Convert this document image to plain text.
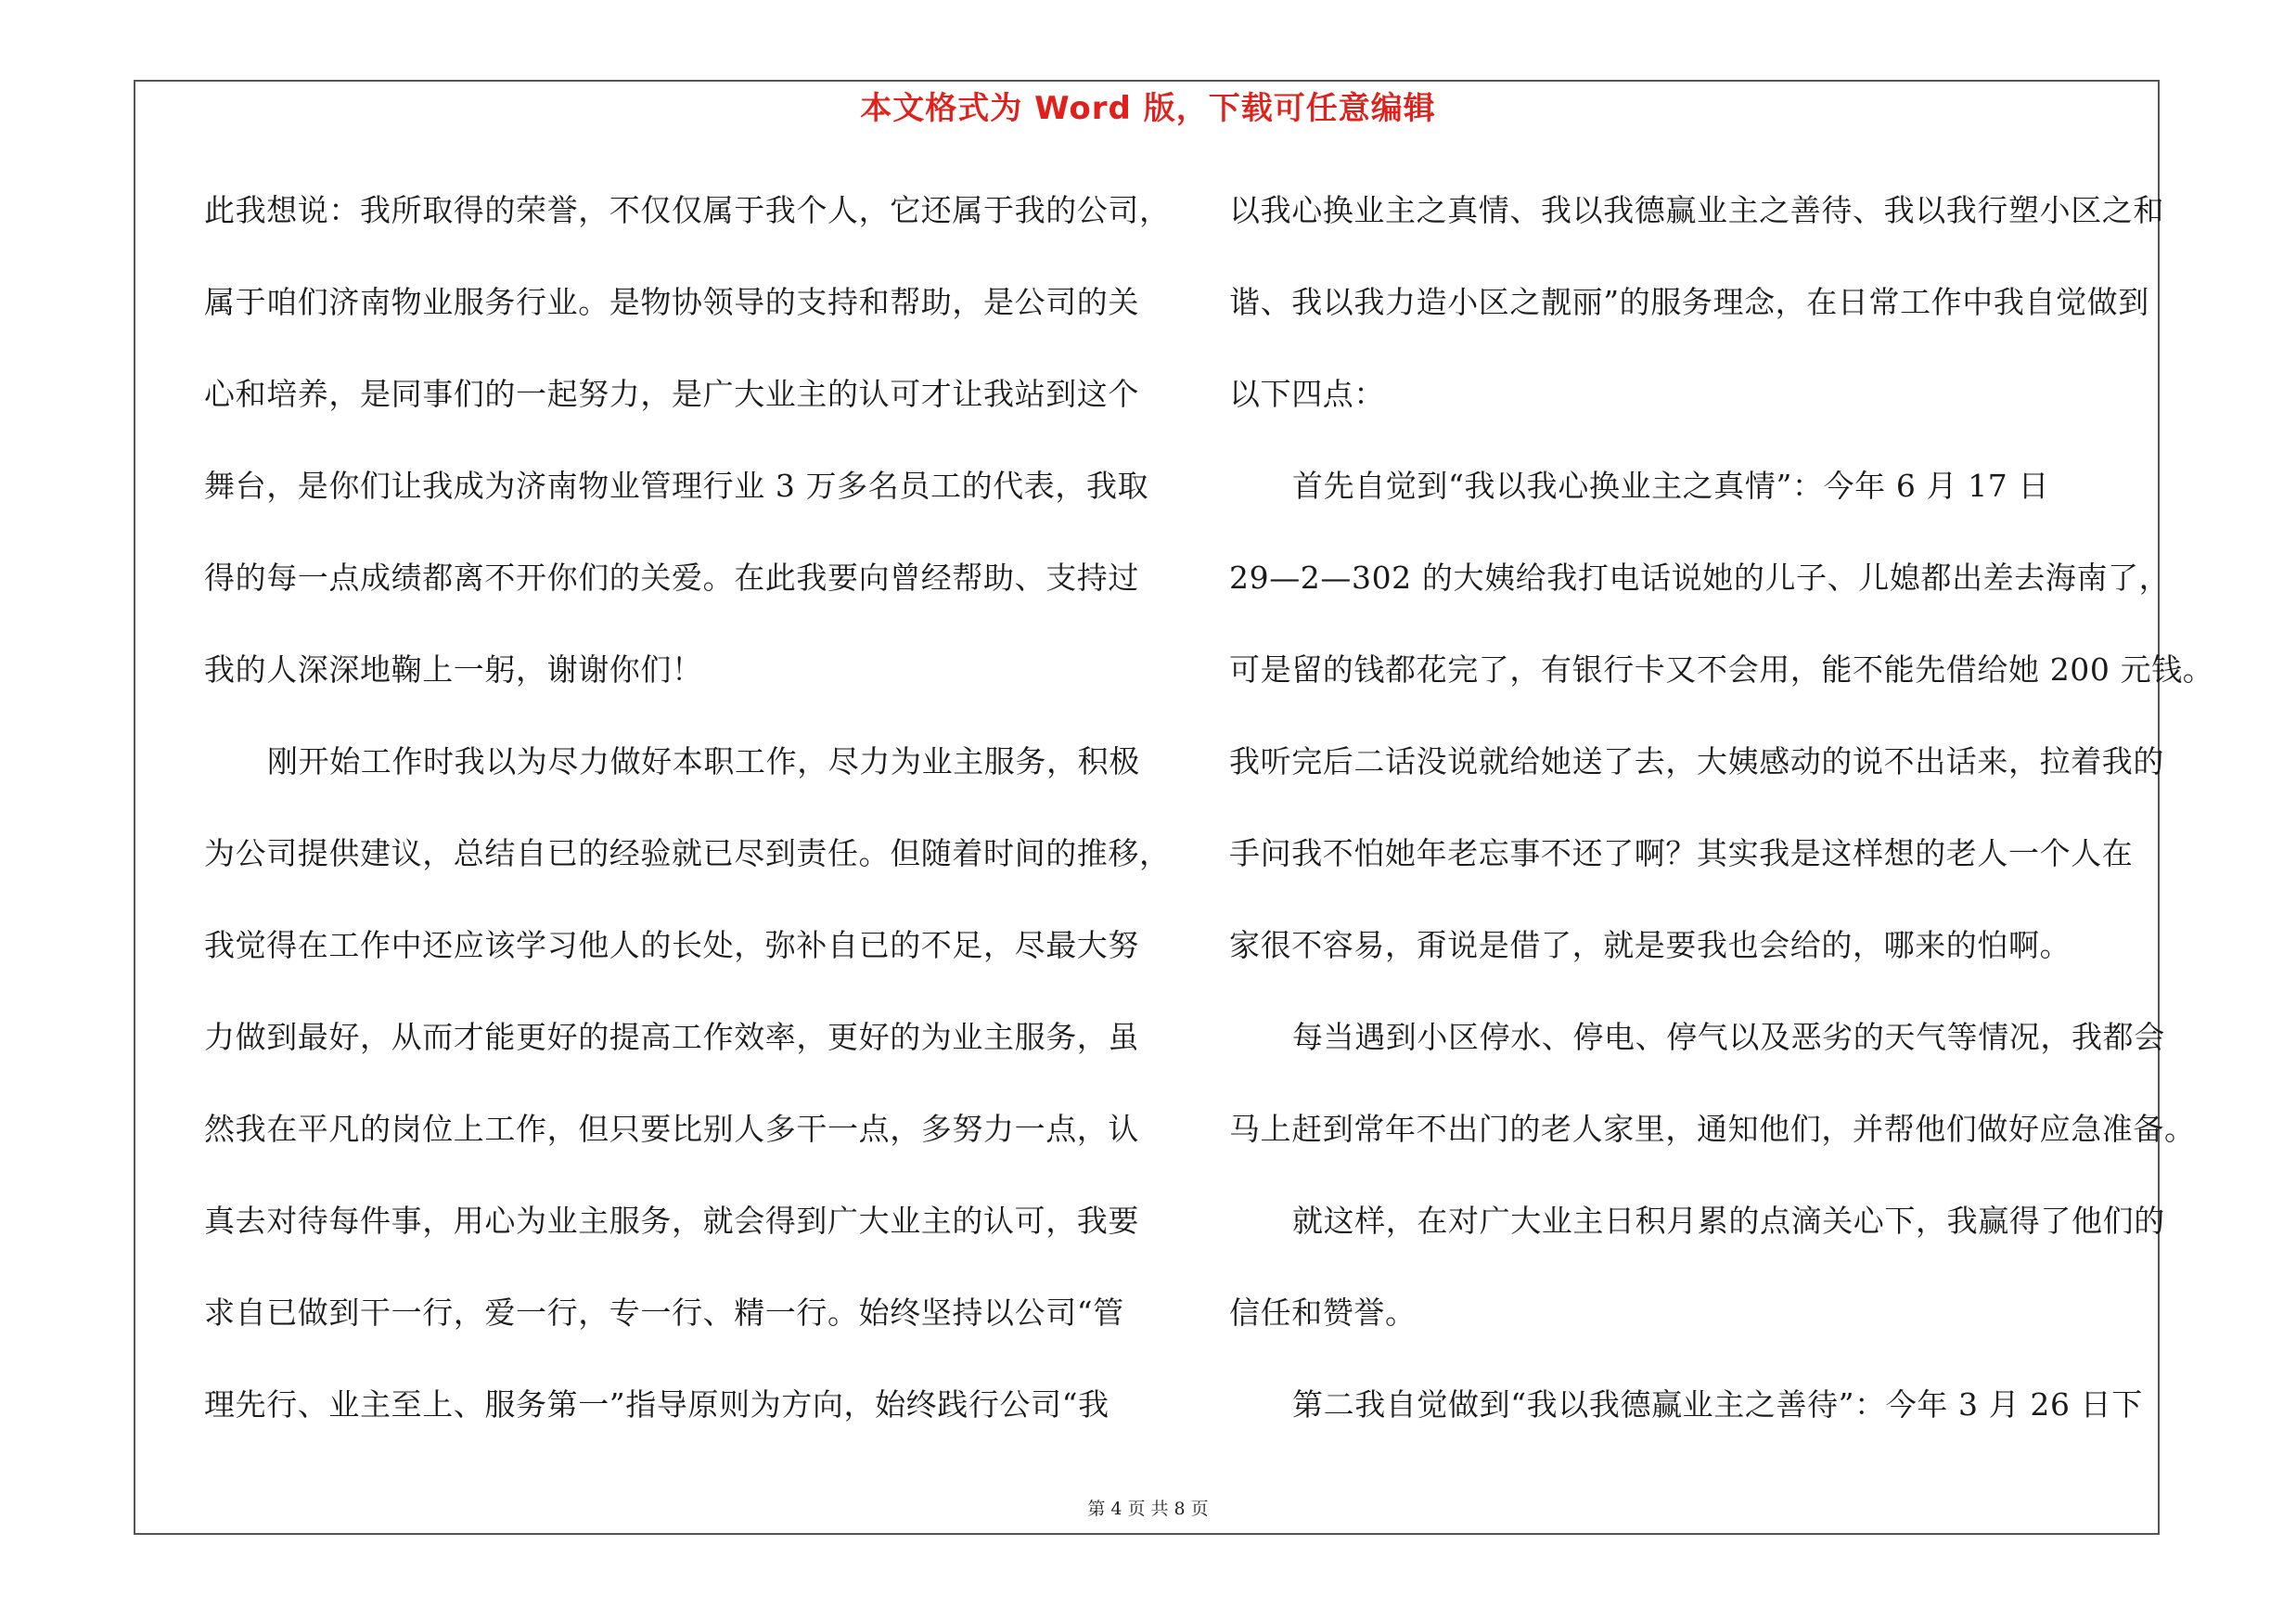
本文格式为 Word 版，下载可任意编辑
此我想说：我所取得的荣誉，不仅仅属于我个人，它还属于我的公司，
属于咱们济南物业服务行业。是物协领导的支持和帮助，是公司的关
心和培养，是同事们的一起努力，是广大业主的认可才让我站到这个
舞台，是你们让我成为济南物业管理行业 3 万多名员工的代表，我取
得的每一点成绩都离不开你们的关爱。在此我要向曾经帮助、支持过
我的人深深地鞠上一躬，谢谢你们！
刚开始工作时我以为尽力做好本职工作，尽力为业主服务，积极
为公司提供建议，总结自已的经验就已尽到责任。但随着时间的推移，
我觉得在工作中还应该学习他人的长处，弥补自已的不足，尽最大努
力做到最好，从而才能更好的提高工作效率，更好的为业主服务，虽
然我在平凡的岗位上工作，但只要比别人多干一点，多努力一点，认
真去对待每件事，用心为业主服务，就会得到广大业主的认可，我要
求自已做到干一行，爱一行，专一行、精一行。始终坚持以公司“管
理先行、业主至上、服务第一”指导原则为方向，始终践行公司“我
以我心换业主之真情、我以我德赢业主之善待、我以我行塑小区之和
谐、我以我力造小区之靓丽”的服务理念，在日常工作中我自觉做到
以下四点：
首先自觉到“我以我心换业主之真情”：今年 6 月 17 日
29—2—302 的大姨给我打电话说她的儿子、儿媳都出差去海南了，
可是留的钱都花完了，有银行卡又不会用，能不能先借给她 200 元钱。
我听完后二话没说就给她送了去，大姨感动的说不出话来，拉着我的
手问我不怕她年老忘事不还了啊？其实我是这样想的老人一个人在
家很不容易，甭说是借了，就是要我也会给的，哪来的怕啊。
每当遇到小区停水、停电、停气以及恶劣的天气等情况，我都会
马上赶到常年不出门的老人家里，通知他们，并帮他们做好应急准备。
就这样，在对广大业主日积月累的点滴关心下，我赢得了他们的
信任和赞誉。
第二我自觉做到“我以我德赢业主之善待”：今年 3 月 26 日下
第 4 页 共 8 页
